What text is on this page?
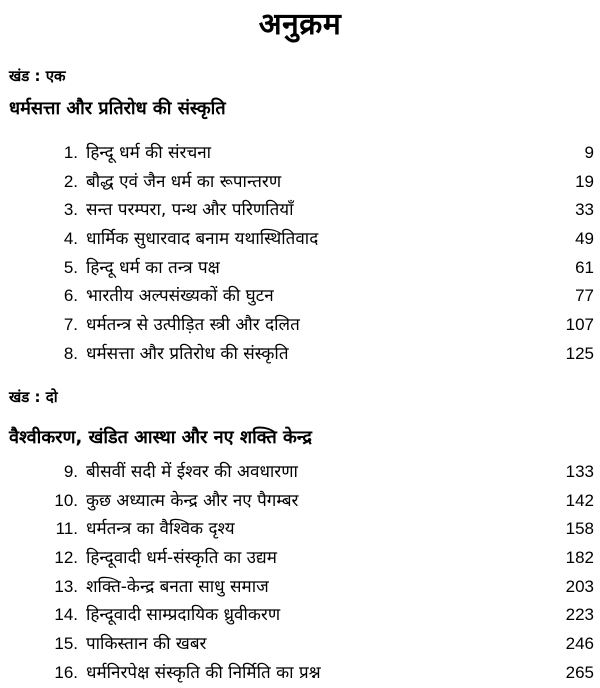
अनुक्रम
खंड : एक
धर्मसत्ता और प्रतिरोध की संस्कृति
1. हिन्दू धर्म की संरचना	9
2. बौद्ध एवं जैन धर्म का रूपान्तरण	19
3. सन्त परम्परा, पन्थ और परिणतियाँ	33
4. धार्मिक सुधारवाद बनाम यथास्थितिवाद	49
5. हिन्दू धर्म का तन्त्र पक्ष	61
6. भारतीय अल्पसंख्यकों की घुटन	77
7. धर्मतन्त्र से उत्पीड़ित स्त्री और दलित	107
8. धर्मसत्ता और प्रतिरोध की संस्कृति	125
खंड : दो
वैश्वीकरण, खंडित आस्था और नए शक्ति केन्द्र
9. बीसवीं सदी में ईश्वर की अवधारणा	133
10. कुछ अध्यात्म केन्द्र और नए पैगम्बर	142
11. धर्मतन्त्र का वैश्विक दृश्य	158
12. हिन्दूवादी धर्म-संस्कृति का उद्यम	182
13. शक्ति-केन्द्र बनता साधु समाज	203
14. हिन्दूवादी साम्प्रदायिक ध्रुवीकरण	223
15. पाकिस्तान की खबर	246
16. धर्मनिरपेक्ष संस्कृति की निर्मिति का प्रश्न	265
